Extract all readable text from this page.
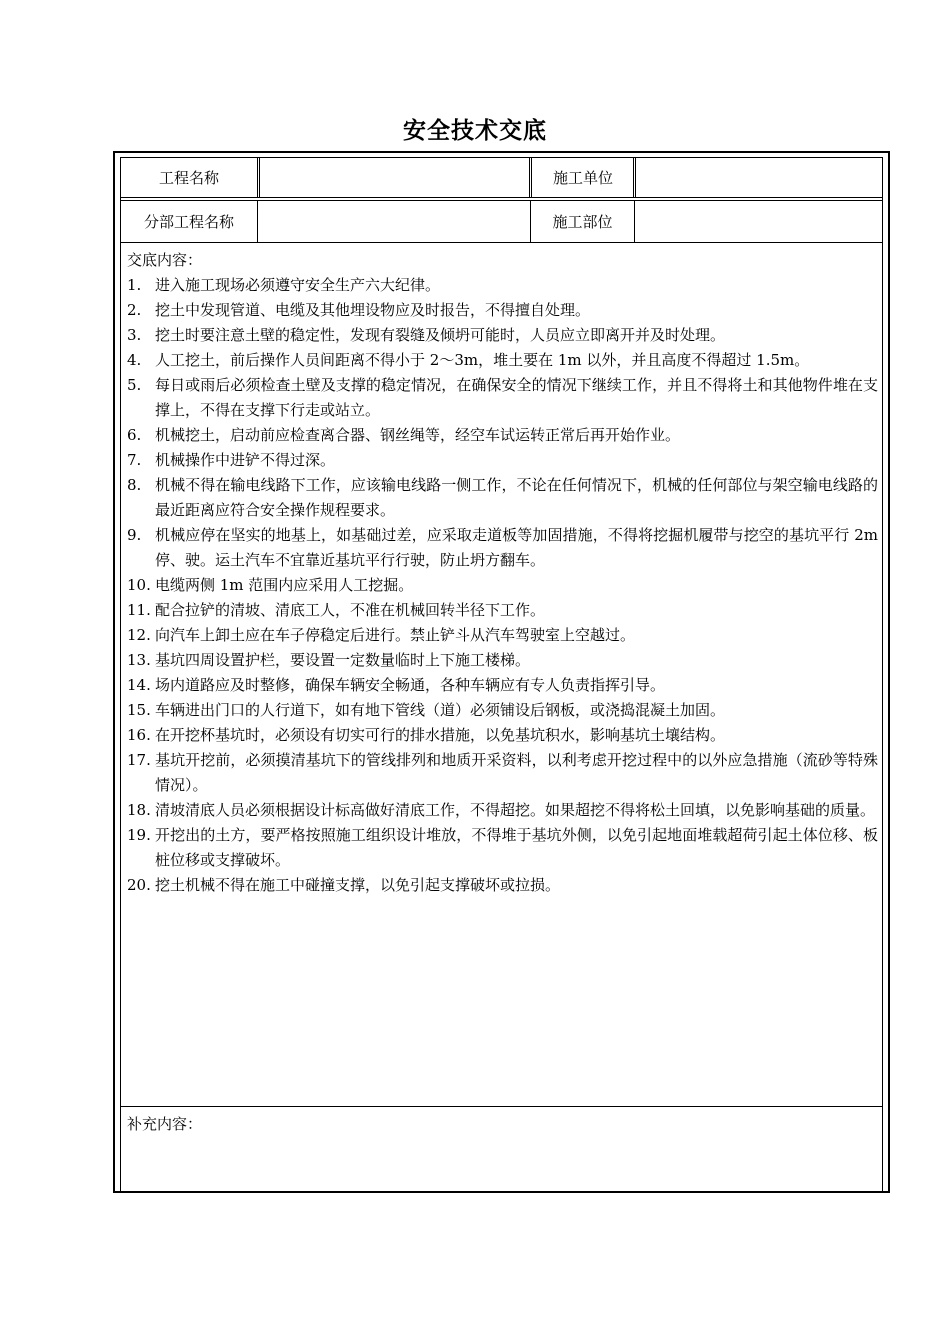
安全技术交底
工程名称	施工单位
分部工程名称	施工部位
交底内容：
1. 进入施工现场必须遵守安全生产六大纪律。
2. 挖土中发现管道、电缆及其他埋设物应及时报告，不得擅自处理。
3. 挖土时要注意土壁的稳定性，发现有裂缝及倾坍可能时，人员应立即离开并及时处理。
4. 人工挖土，前后操作人员间距离不得小于 2～3m，堆土要在 1m 以外，并且高度不得超过 1.5m。
5. 每日或雨后必须检查土壁及支撑的稳定情况，在确保安全的情况下继续工作，并且不得将土和其他物件堆在支撑上，不得在支撑下行走或站立。
6. 机械挖土，启动前应检查离合器、钢丝绳等，经空车试运转正常后再开始作业。
7. 机械操作中进铲不得过深。
8. 机械不得在输电线路下工作，应该输电线路一侧工作，不论在任何情况下，机械的任何部位与架空输电线路的最近距离应符合安全操作规程要求。
9. 机械应停在坚实的地基上，如基础过差，应采取走道板等加固措施，不得将挖掘机履带与挖空的基坑平行 2m 停、驶。运土汽车不宜靠近基坑平行行驶，防止坍方翻车。
10. 电缆两侧 1m 范围内应采用人工挖掘。
11. 配合拉铲的清坡、清底工人，不准在机械回转半径下工作。
12. 向汽车上卸土应在车子停稳定后进行。禁止铲斗从汽车驾驶室上空越过。
13. 基坑四周设置护栏，要设置一定数量临时上下施工楼梯。
14. 场内道路应及时整修，确保车辆安全畅通，各种车辆应有专人负责指挥引导。
15. 车辆进出门口的人行道下，如有地下管线（道）必须铺设后钢板，或浇捣混凝土加固。
16. 在开挖杯基坑时，必须设有切实可行的排水措施，以免基坑积水，影响基坑土壤结构。
17. 基坑开挖前，必须摸清基坑下的管线排列和地质开采资料，以利考虑开挖过程中的以外应急措施（流砂等特殊情况）。
18. 清坡清底人员必须根据设计标高做好清底工作，不得超挖。如果超挖不得将松土回填，以免影响基础的质量。
19. 开挖出的土方，要严格按照施工组织设计堆放，不得堆于基坑外侧，以免引起地面堆载超荷引起土体位移、板桩位移或支撑破坏。
20. 挖土机械不得在施工中碰撞支撑，以免引起支撑破坏或拉损。
补充内容：
